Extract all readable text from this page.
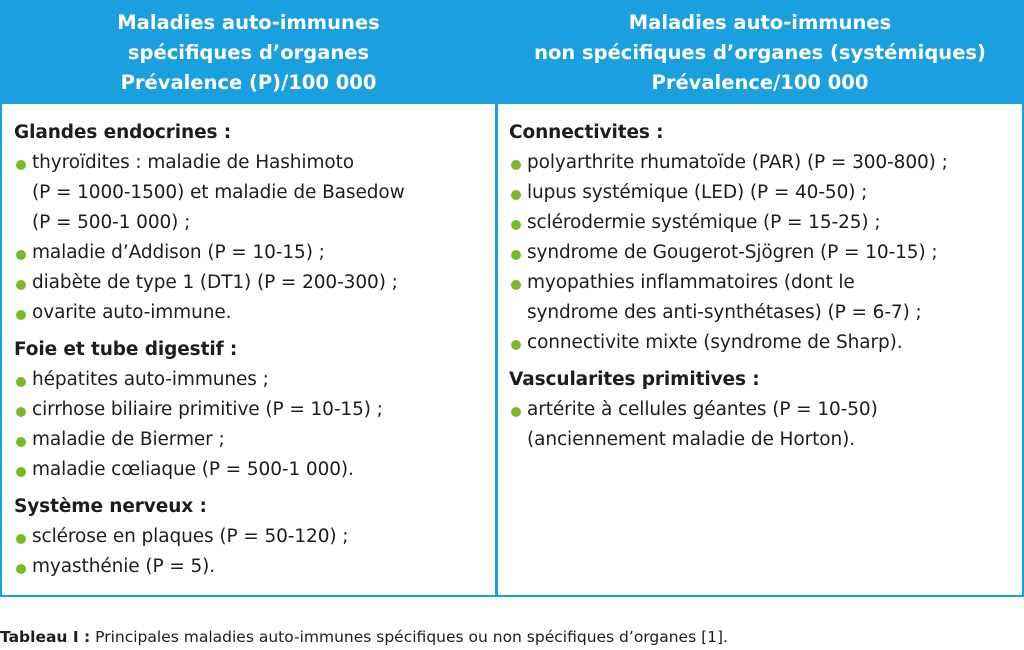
Maladies auto-immunes
spécifiques d’organes
Prévalence (P)/100 000
Maladies auto-immunes
non spécifiques d’organes (systémiques)
Prévalence/100 000
Glandes endocrines :
thyroïdites : maladie de Hashimoto
(P = 1000-1500) et maladie de Basedow
(P = 500-1 000) ;
maladie d’Addison (P = 10-15) ;
diabète de type 1 (DT1) (P = 200-300) ;
ovarite auto-immune.
Foie et tube digestif :
hépatites auto-immunes ;
cirrhose biliaire primitive (P = 10-15) ;
maladie de Biermer ;
maladie cœliaque (P = 500-1 000).
Système nerveux :
sclérose en plaques (P = 50-120) ;
myasthénie (P = 5).
Connectivites :
polyarthrite rhumatoïde (PAR) (P = 300-800) ;
lupus systémique (LED) (P = 40-50) ;
sclérodermie systémique (P = 15-25) ;
syndrome de Gougerot-Sjögren (P = 10-15) ;
myopathies inflammatoires (dont le
syndrome des anti-synthétases) (P = 6-7) ;
connectivite mixte (syndrome de Sharp).
Vascularites primitives :
artérite à cellules géantes (P = 10-50)
(anciennement maladie de Horton).
Tableau I : Principales maladies auto-immunes spécifiques ou non spécifiques d’organes [1].
